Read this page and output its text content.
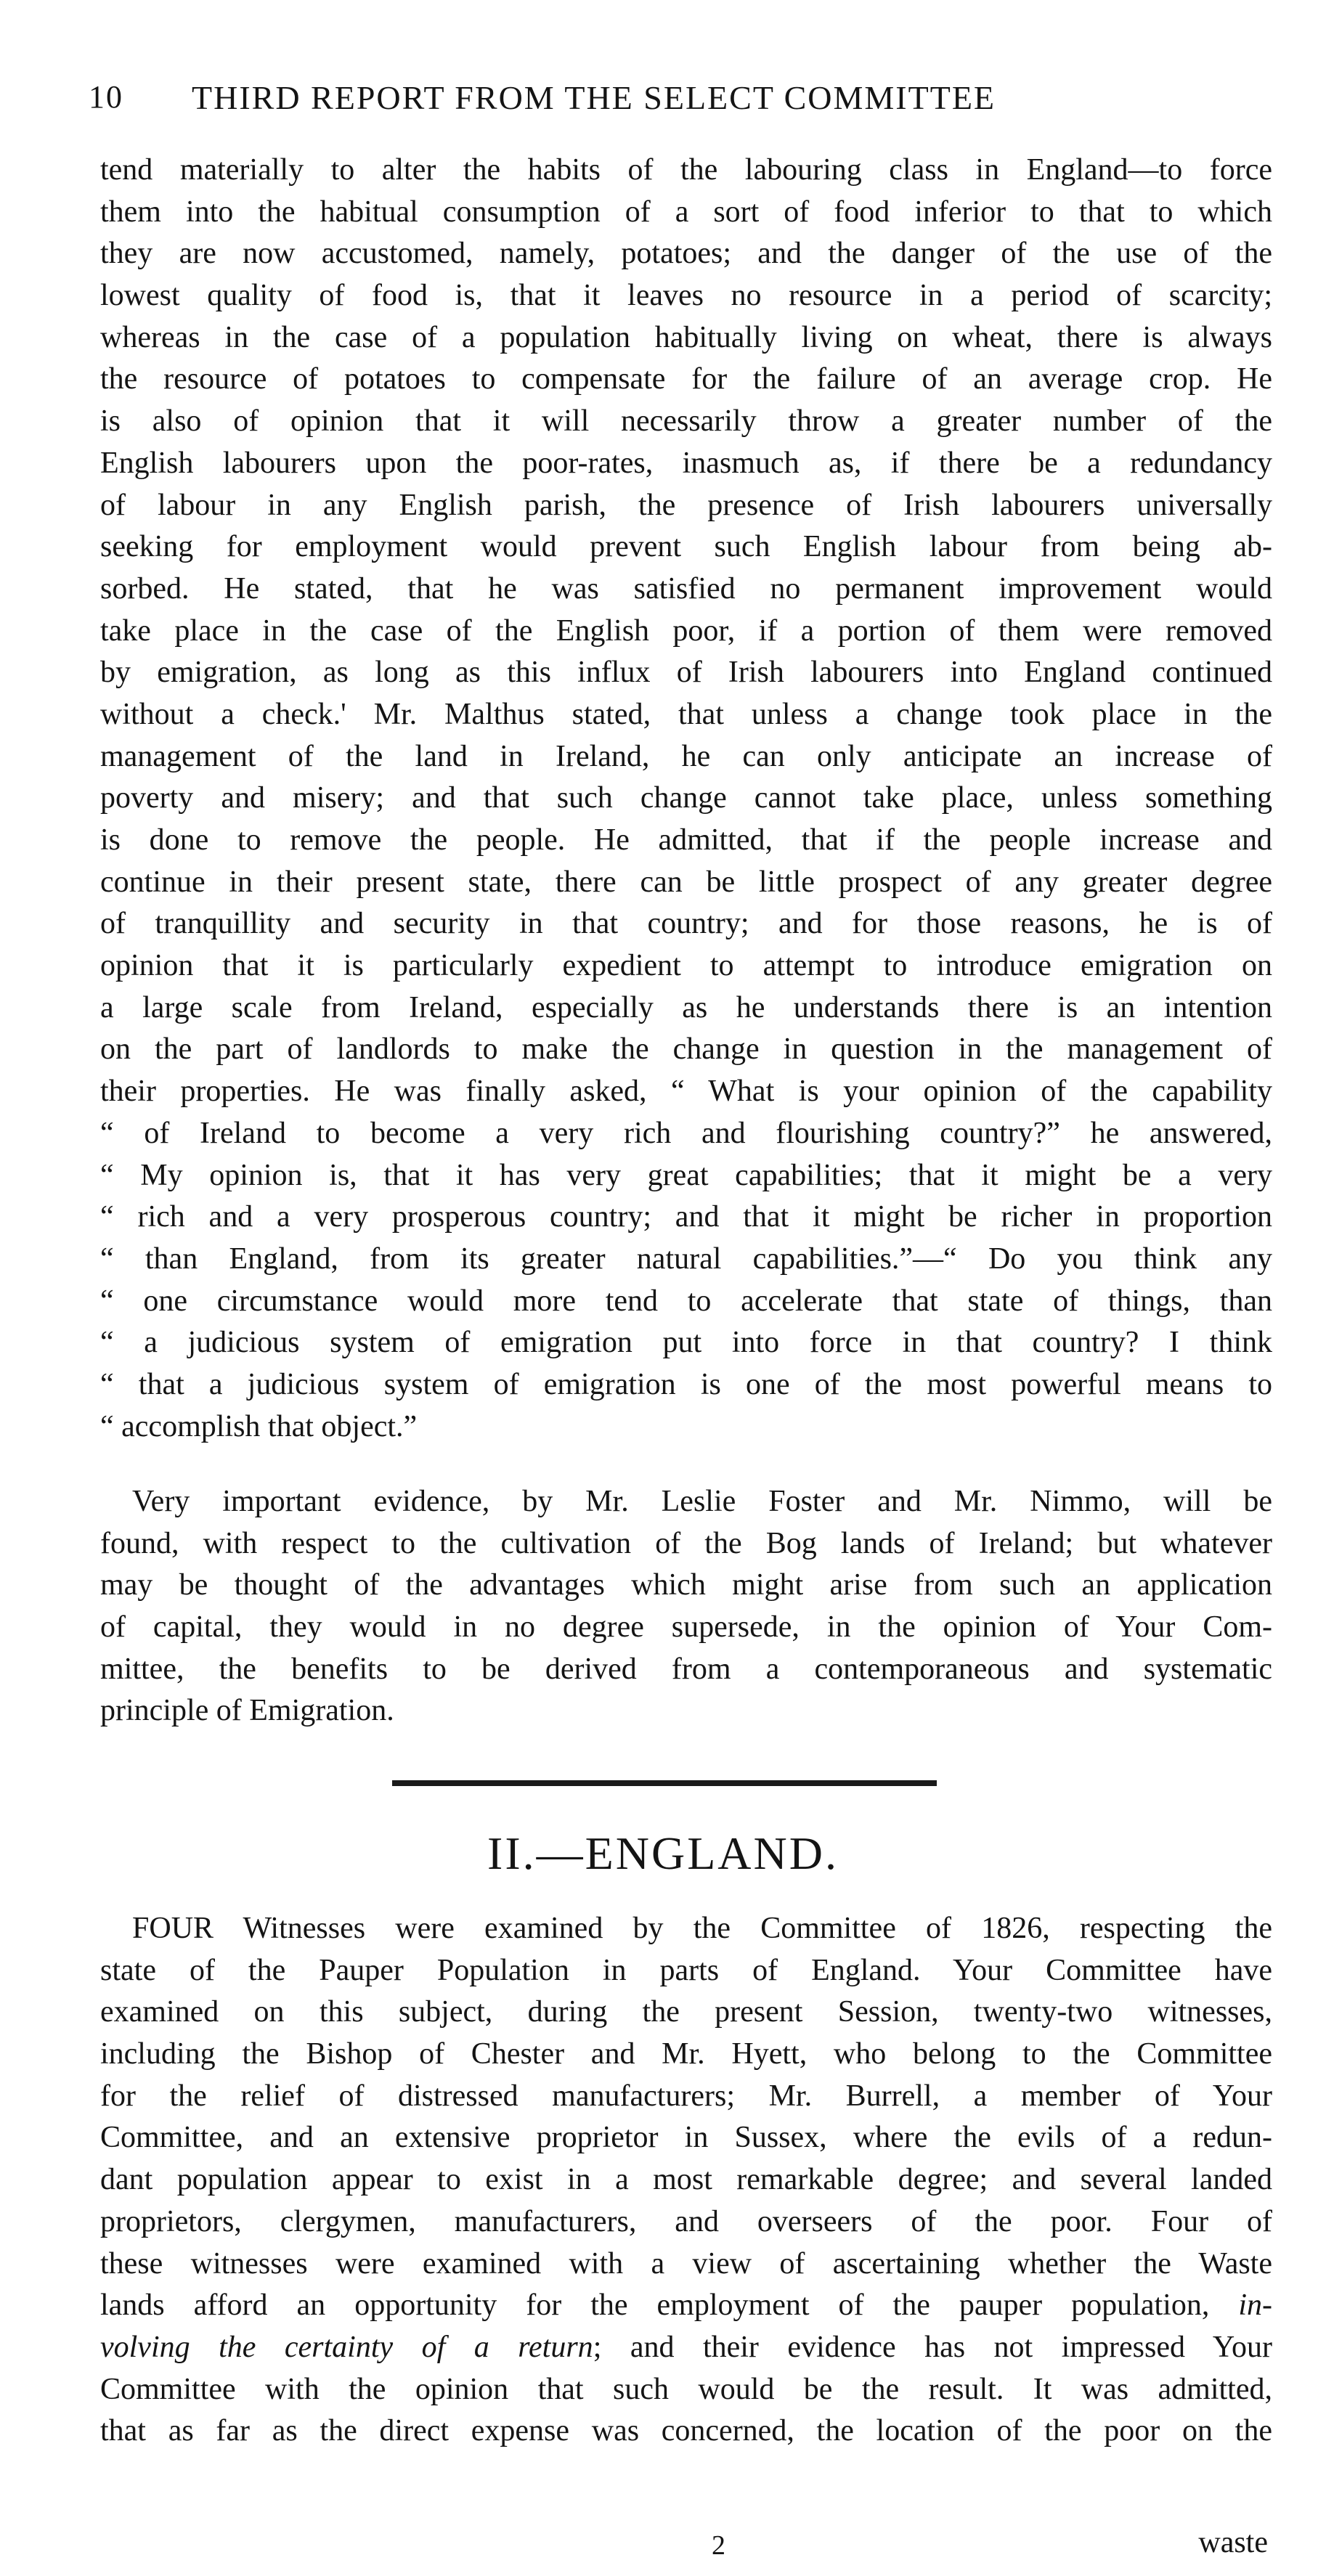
10 THIRD REPORT FROM THE SELECT COMMITTEE
tend materially to alter the habits of the labouring class in England—to force
them into the habitual consumption of a sort of food inferior to that to which
they are now accustomed, namely, potatoes; and the danger of the use of the
lowest quality of food is, that it leaves no resource in a period of scarcity;
whereas in the case of a population habitually living on wheat, there is always
the resource of potatoes to compensate for the failure of an average crop. He
is also of opinion that it will necessarily throw a greater number of the
English labourers upon the poor-rates, inasmuch as, if there be a redundancy
of labour in any English parish, the presence of Irish labourers universally
seeking for employment would prevent such English labour from being ab-
sorbed. He stated, that he was satisfied no permanent improvement would
take place in the case of the English poor, if a portion of them were removed
by emigration, as long as this influx of Irish labourers into England continued
without a check.' Mr. Malthus stated, that unless a change took place in the
management of the land in Ireland, he can only anticipate an increase of
poverty and misery; and that such change cannot take place, unless something
is done to remove the people. He admitted, that if the people increase and
continue in their present state, there can be little prospect of any greater degree
of tranquillity and security in that country; and for those reasons, he is of
opinion that it is particularly expedient to attempt to introduce emigration on
a large scale from Ireland, especially as he understands there is an intention
on the part of landlords to make the change in question in the management of
their properties. He was finally asked, “ What is your opinion of the capability
“ of Ireland to become a very rich and flourishing country?” he answered,
“ My opinion is, that it has very great capabilities; that it might be a very
“ rich and a very prosperous country; and that it might be richer in proportion
“ than England, from its greater natural capabilities.”—“ Do you think any
“ one circumstance would more tend to accelerate that state of things, than
“ a judicious system of emigration put into force in that country? I think
“ that a judicious system of emigration is one of the most powerful means to
“ accomplish that object.”
Very important evidence, by Mr. Leslie Foster and Mr. Nimmo, will be
found, with respect to the cultivation of the Bog lands of Ireland; but whatever
may be thought of the advantages which might arise from such an application
of capital, they would in no degree supersede, in the opinion of Your Com-
mittee, the benefits to be derived from a contemporaneous and systematic
principle of Emigration.
II.—ENGLAND.
FOUR Witnesses were examined by the Committee of 1826, respecting the
state of the Pauper Population in parts of England. Your Committee have
examined on this subject, during the present Session, twenty-two witnesses,
including the Bishop of Chester and Mr. Hyett, who belong to the Committee
for the relief of distressed manufacturers; Mr. Burrell, a member of Your
Committee, and an extensive proprietor in Sussex, where the evils of a redun-
dant population appear to exist in a most remarkable degree; and several landed
proprietors, clergymen, manufacturers, and overseers of the poor. Four of
these witnesses were examined with a view of ascertaining whether the Waste
lands afford an opportunity for the employment of the pauper population, in-
volving the certainty of a return; and their evidence has not impressed Your
Committee with the opinion that such would be the result. It was admitted,
that as far as the direct expense was concerned, the location of the poor on the
2	waste
